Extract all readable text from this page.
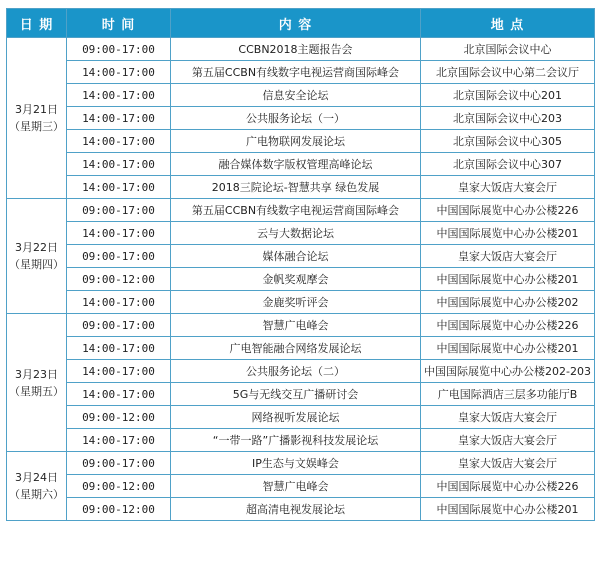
日 期	时 间	内 容	地 点

3月21日
（星期三）	09:00-17:00	CCBN2018主题报告会	北京国际会议中心
	14:00-17:00	第五届CCBN有线数字电视运营商国际峰会	北京国际会议中心第二会议厅
	14:00-17:00	信息安全论坛	北京国际会议中心201
	14:00-17:00	公共服务论坛（一）	北京国际会议中心203
	14:00-17:00	广电物联网发展论坛	北京国际会议中心305
	14:00-17:00	融合媒体数字版权管理高峰论坛	北京国际会议中心307
	14:00-17:00	2018三院论坛-智慧共享 绿色发展	皇家大饭店大宴会厅

3月22日
（星期四）	09:00-17:00	第五届CCBN有线数字电视运营商国际峰会	中国国际展览中心办公楼226
	14:00-17:00	云与大数据论坛	中国国际展览中心办公楼201
	09:00-17:00	媒体融合论坛	皇家大饭店大宴会厅
	09:00-12:00	金帆奖观摩会	中国国际展览中心办公楼201
	14:00-17:00	金鹿奖听评会	中国国际展览中心办公楼202

3月23日
（星期五）	09:00-17:00	智慧广电峰会	中国国际展览中心办公楼226
	14:00-17:00	广电智能融合网络发展论坛	中国国际展览中心办公楼201
	14:00-17:00	公共服务论坛（二）	中国国际展览中心办公楼202-203
	14:00-17:00	5G与无线交互广播研讨会	广电国际酒店三层多功能厅B
	09:00-12:00	网络视听发展论坛	皇家大饭店大宴会厅
	14:00-17:00	“一带一路”广播影视科技发展论坛	皇家大饭店大宴会厅

3月24日
（星期六）	09:00-17:00	IP生态与文娱峰会	皇家大饭店大宴会厅
	09:00-12:00	智慧广电峰会	中国国际展览中心办公楼226
	09:00-12:00	超高清电视发展论坛	中国国际展览中心办公楼201
